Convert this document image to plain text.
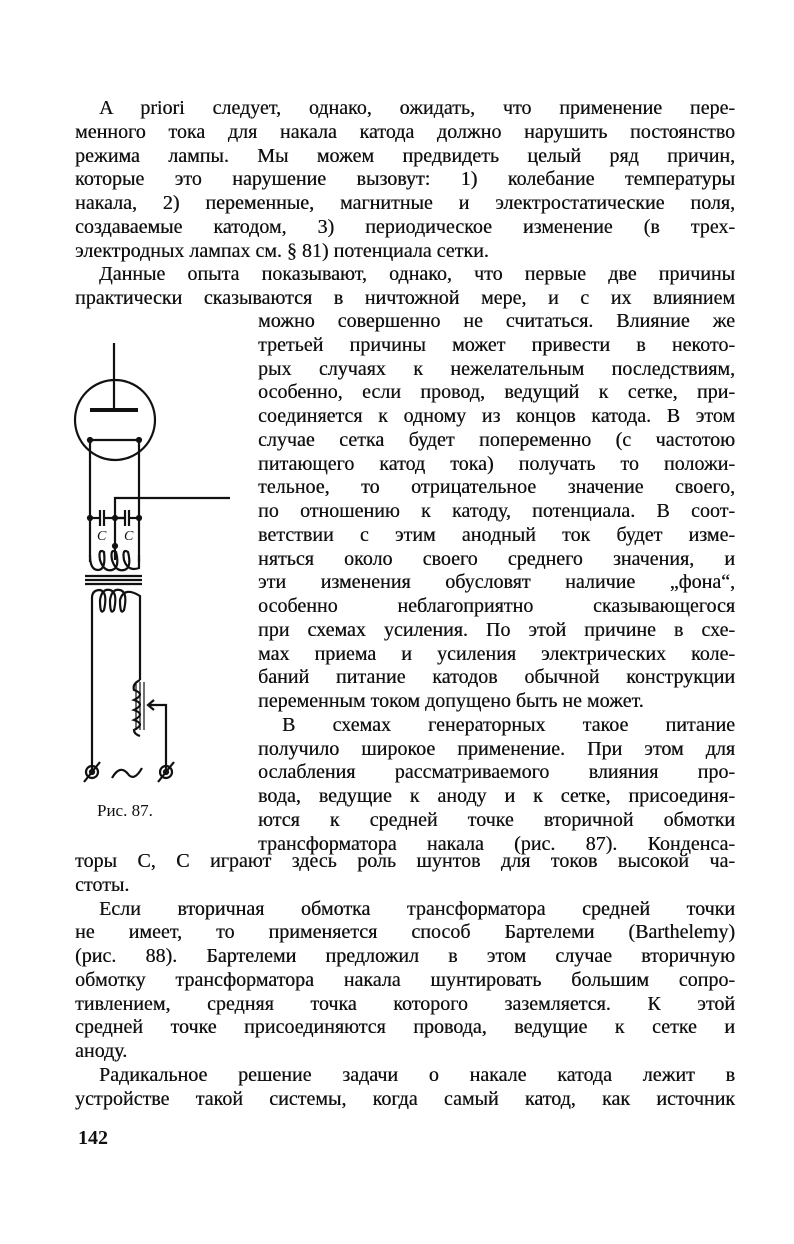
A priori следует, однако, ожидать, что применение пере-
менного тока для накала катода должно нарушить постоянство
режима лампы. Мы можем предвидеть целый ряд причин,
которые это нарушение вызовут: 1) колебание температуры
накала, 2) переменные, магнитные и электростатические поля,
создаваемые катодом, 3) периодическое изменение (в трех-
электродных лампах см. § 81) потенциала сетки.
Данные опыта показывают, однако, что первые две причины
практически сказываются в ничтожной мере, и с их влиянием
можно совершенно не считаться. Влияние же
третьей причины может привести в некото-
рых случаях к нежелательным последствиям,
особенно, если провод, ведущий к сетке, при-
соединяется к одному из концов катода. В этом
случае сетка будет попеременно (с частотою
питающего катод тока) получать то положи-
тельное, то отрицательное значение своего,
по отношению к катоду, потенциала. В соот-
ветствии с этим анодный ток будет изме-
няться около своего среднего значения, и
эти изменения обусловят наличие „фона“,
особенно неблагоприятно сказывающегося
при схемах усиления. По этой причине в схе-
мах приема и усиления электрических коле-
баний питание катодов обычной конструкции
переменным током допущено быть не может.
В схемах генераторных такое питание
получило широкое применение. При этом для
ослабления рассматриваемого влияния про-
вода, ведущие к аноду и к сетке, присоединя-
ются к средней точке вторичной обмотки
трансформатора накала (рис. 87). Конденса-
торы C, C играют здесь роль шунтов для токов высокой ча-
стоты.
Если вторичная обмотка трансформатора средней точки
не имеет, то применяется способ Бартелеми (Barthelemy)
(рис. 88). Бартелеми предложил в этом случае вторичную
обмотку трансформатора накала шунтировать большим сопро-
тивлением, средняя точка которого заземляется. К этой
средней точке присоединяются провода, ведущие к сетке и
аноду.
Радикальное решение задачи о накале катода лежит в
устройстве такой системы, когда самый катод, как источник
C C
Рис. 87.
142
